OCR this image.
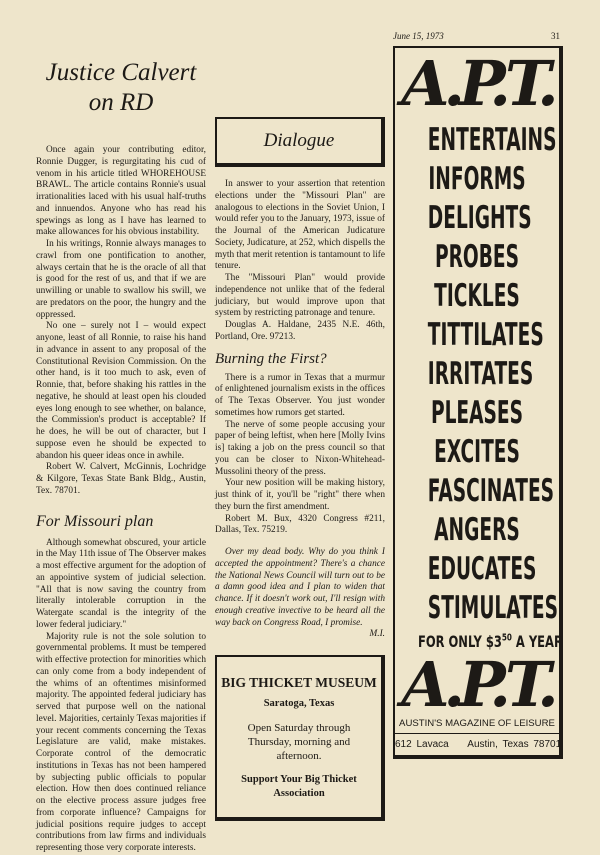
June 15, 1973	31
Justice Calvert on RD

Once again your contributing editor, Ronnie Dugger, is regurgitating his cud of venom in his article titled WHOREHOUSE BRAWL. The article contains Ronnie's usual irrationalities laced with his usual half-truths and innuendos. Anyone who has read his spewings as long as I have has learned to make allowances for his obvious instability.

In his writings, Ronnie always manages to crawl from one pontification to another, always certain that he is the oracle of all that is good for the rest of us, and that if we are unwilling or unable to swallow his swill, we are predators on the poor, the hungry and the oppressed.

No one – surely not I – would expect anyone, least of all Ronnie, to raise his hand in advance in assent to any proposal of the Constitutional Revision Commission. On the other hand, is it too much to ask, even of Ronnie, that, before shaking his rattles in the negative, he should at least open his clouded eyes long enough to see whether, on balance, the Commission's product is acceptable? If he does, he will be out of character, but I suppose even he should be expected to abandon his queer ideas once in awhile.

Robert W. Calvert, McGinnis, Lochridge & Kilgore, Texas State Bank Bldg., Austin, Tex. 78701.

For Missouri plan

Although somewhat obscured, your article in the May 11th issue of The Observer makes a most effective argument for the adoption of an appointive system of judicial selection. "All that is now saving the country from literally intolerable corruption in the Watergate scandal is the integrity of the lower federal judiciary."

Majority rule is not the sole solution to governmental problems. It must be tempered with effective protection for minorities which can only come from a body independent of the whims of an oftentimes misinformed majority. The appointed federal judiciary has served that purpose well on the national level. Majorities, certainly Texas majorities if your recent comments concerning the Texas Legislature are valid, make mistakes. Corporate control of the democratic institutions in Texas has not been hampered by subjecting public officials to popular election. How then does continued reliance on the elective process assure judges free from corporate influence? Campaigns for judicial positions require judges to accept contributions from law firms and individuals representing those very corporate interests.

Dialogue

In answer to your assertion that retention elections under the "Missouri Plan" are analogous to elections in the Soviet Union, I would refer you to the January, 1973, issue of the Journal of the American Judicature Society, Judicature, at 252, which dispells the myth that merit retention is tantamount to life tenure.

The "Missouri Plan" would provide independence not unlike that of the federal judiciary, but would improve upon that system by restricting patronage and tenure.

Douglas A. Haldane, 2435 N.E. 46th, Portland, Ore. 97213.

Burning the First?

There is a rumor in Texas that a murmur of enlightened journalism exists in the offices of The Texas Observer. You just wonder sometimes how rumors get started.

The nerve of some people accusing your paper of being leftist, when here [Molly Ivins is] taking a job on the press council so that you can be closer to Nixon-Whitehead-Mussolini theory of the press.

Your new position will be making history, just think of it, you'll be "right" there when they burn the first amendment.

Robert M. Bux, 4320 Congress #211, Dallas, Tex. 75219.

Over my dead body. Why do you think I accepted the appointment? There's a chance the National News Council will turn out to be a damn good idea and I plan to widen that chance. If it doesn't work out, I'll resign with enough creative invective to be heard all the way back on Congress Road, I promise.

M.I.
BIG THICKET MUSEUM
Saratoga, Texas
Open Saturday through Thursday, morning and afternoon.
Support Your Big Thicket Association
A.P.T.
ENTERTAINS
INFORMS
DELIGHTS
PROBES
TICKLES
TITTILATES
IRRITATES
PLEASES
EXCITES
FASCINATES
ANGERS
EDUCATES
STIMULATES
FOR ONLY $\$3^{50}$ A YEAR
A.P.T.
AUSTIN'S MAGAZINE OF LEISURE
612 Lavaca    Austin, Texas 78701
